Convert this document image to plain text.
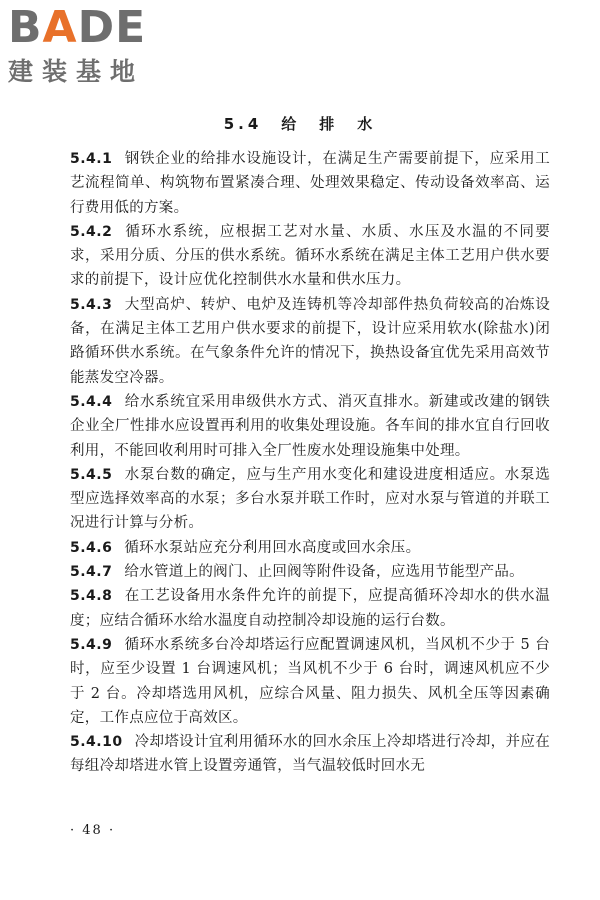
BADE
建装基地
5.4　给　排　水

5.4.1 钢铁企业的给排水设施设计，在满足生产需要前提下，应采用工艺流程简单、构筑物布置紧凑合理、处理效果稳定、传动设备效率高、运行费用低的方案。

5.4.2 循环水系统，应根据工艺对水量、水质、水压及水温的不同要求，采用分质、分压的供水系统。循环水系统在满足主体工艺用户供水要求的前提下，设计应优化控制供水水量和供水压力。

5.4.3 大型高炉、转炉、电炉及连铸机等冷却部件热负荷较高的冶炼设备，在满足主体工艺用户供水要求的前提下，设计应采用软水(除盐水)闭路循环供水系统。在气象条件允许的情况下，换热设备宜优先采用高效节能蒸发空冷器。

5.4.4 给水系统宜采用串级供水方式、消灭直排水。新建或改建的钢铁企业全厂性排水应设置再利用的收集处理设施。各车间的排水宜自行回收利用，不能回收利用时可排入全厂性废水处理设施集中处理。

5.4.5 水泵台数的确定，应与生产用水变化和建设进度相适应。水泵选型应选择效率高的水泵；多台水泵并联工作时，应对水泵与管道的并联工况进行计算与分析。

5.4.6 循环水泵站应充分利用回水高度或回水余压。

5.4.7 给水管道上的阀门、止回阀等附件设备，应选用节能型产品。

5.4.8 在工艺设备用水条件允许的前提下，应提高循环冷却水的供水温度；应结合循环水给水温度自动控制冷却设施的运行台数。

5.4.9 循环水系统多台冷却塔运行应配置调速风机，当风机不少于 5 台时，应至少设置 1 台调速风机；当风机不少于 6 台时，调速风机应不少于 2 台。冷却塔选用风机，应综合风量、阻力损失、风机全压等因素确定，工作点应位于高效区。

5.4.10 冷却塔设计宜利用循环水的回水余压上冷却塔进行冷却，并应在每组冷却塔进水管上设置旁通管，当气温较低时回水无

· 48 ·
